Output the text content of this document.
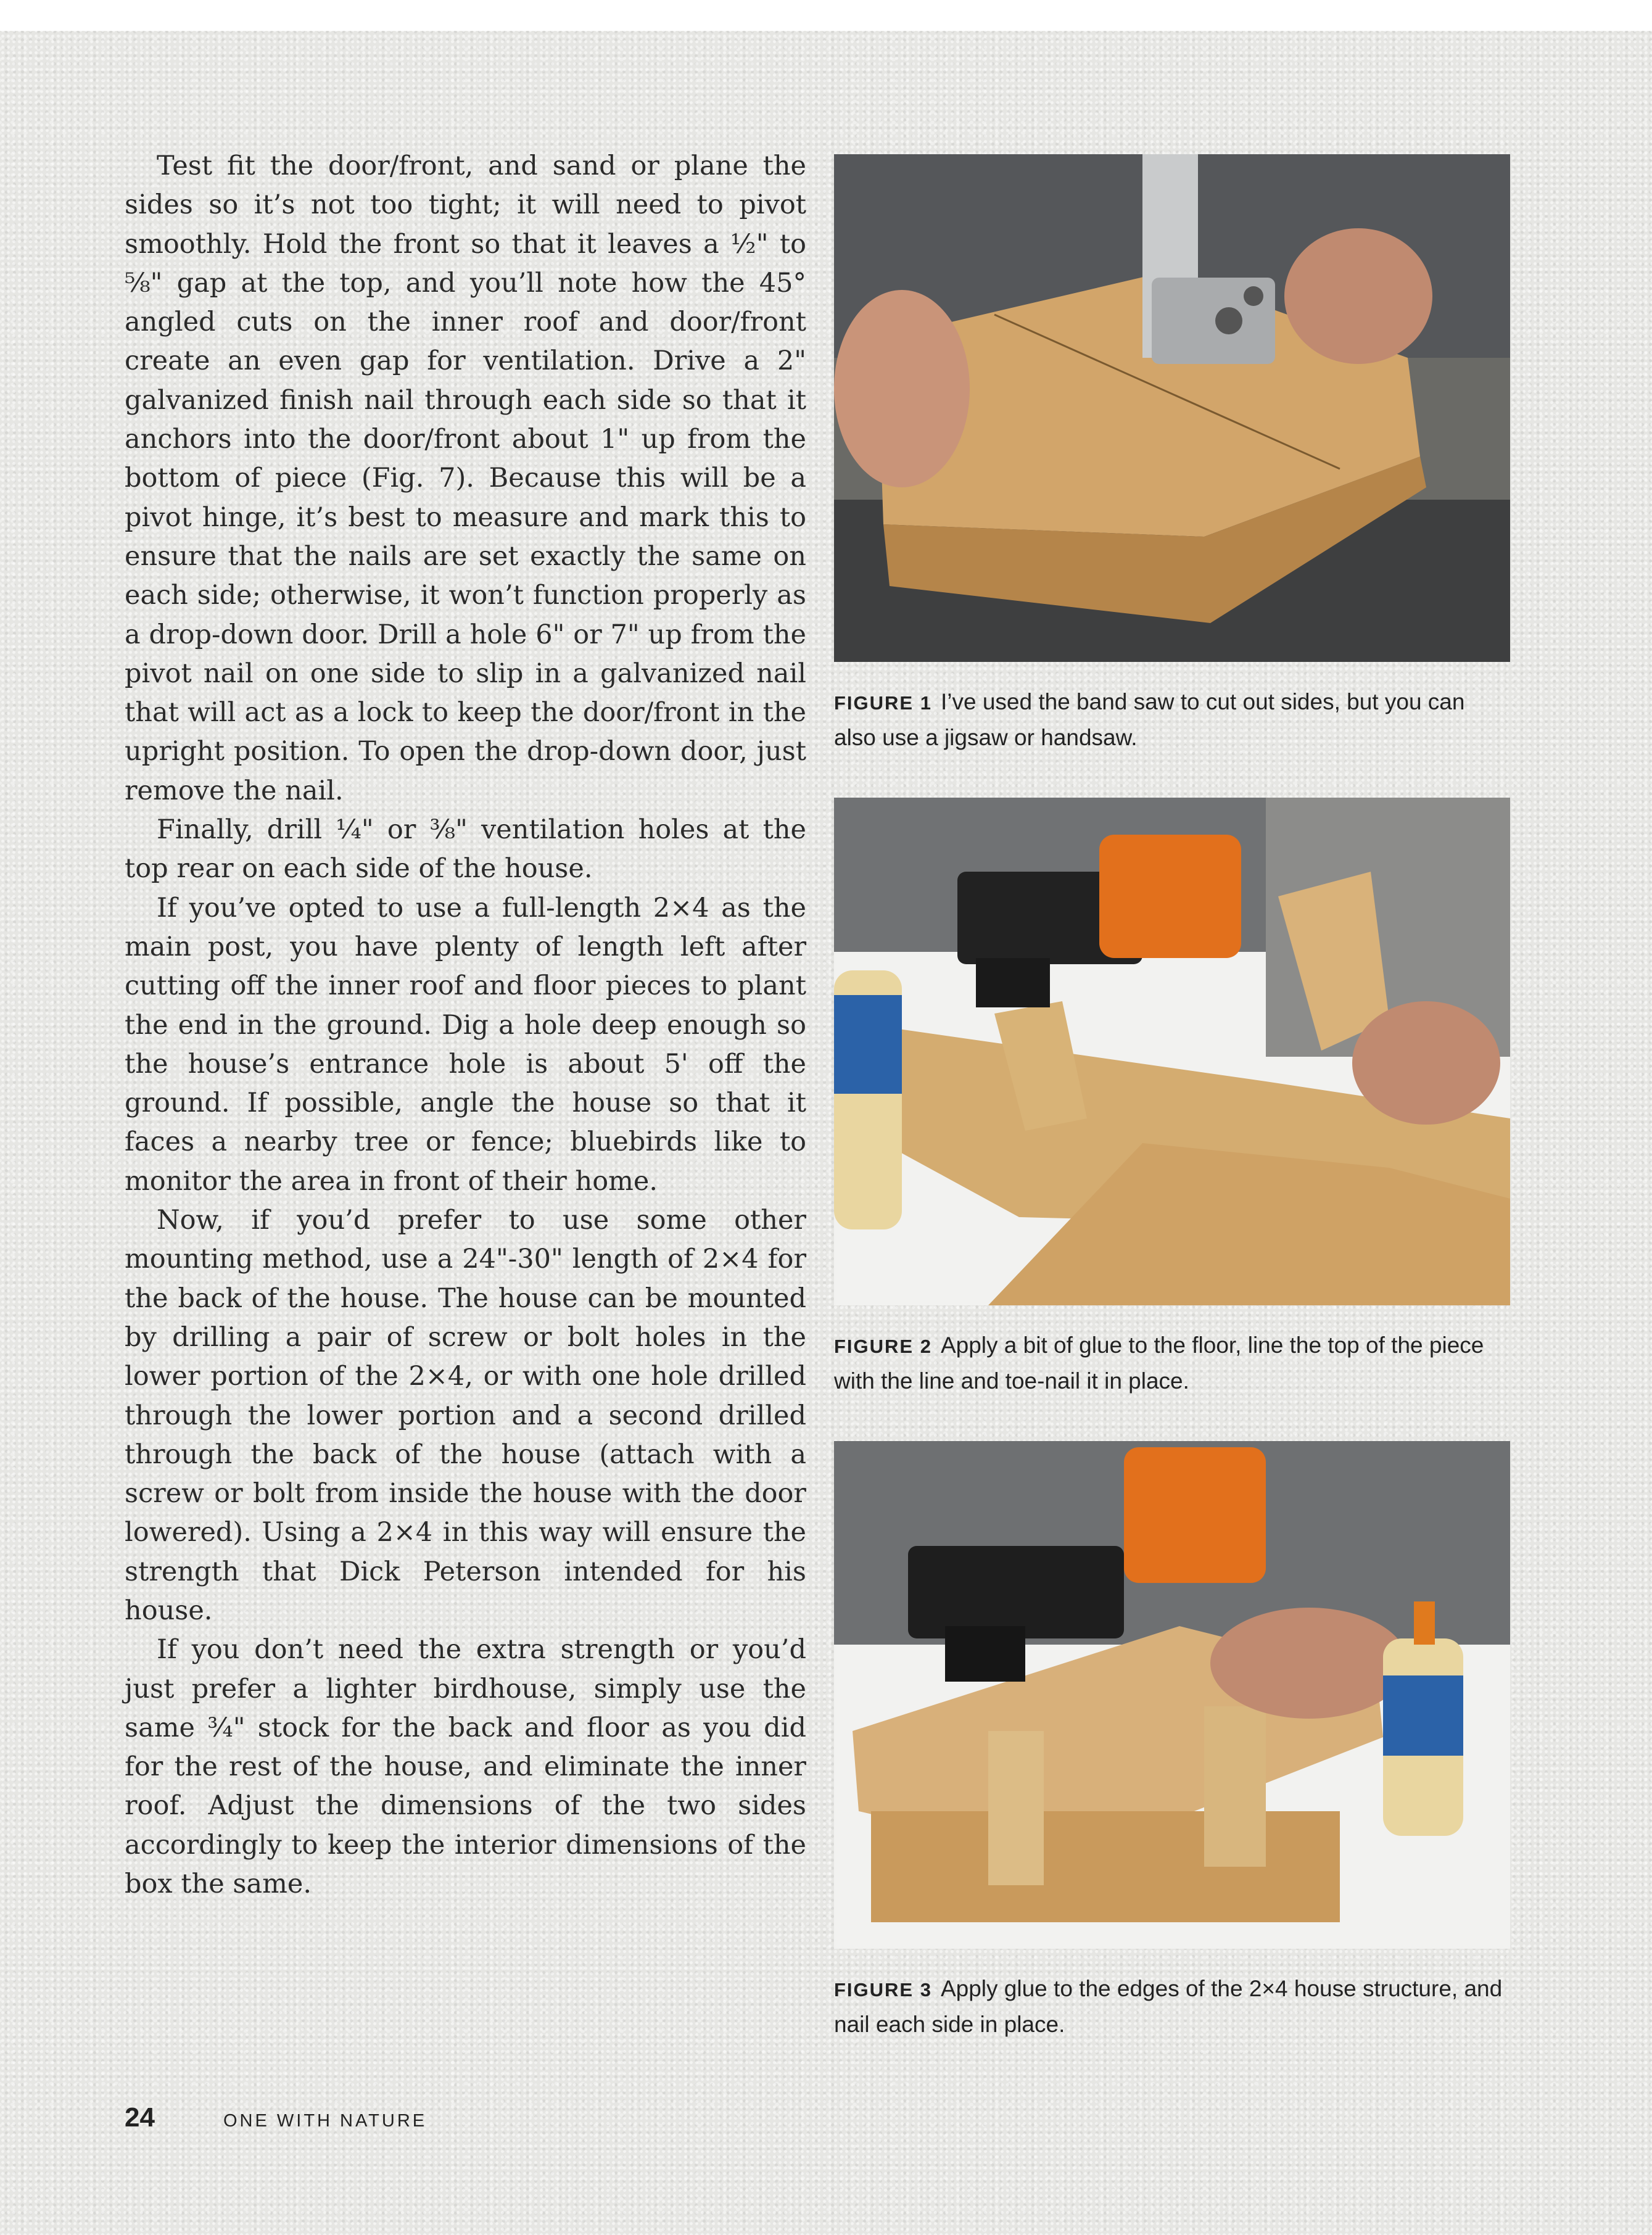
Test fit the door/front, and sand or plane the sides so it’s not too tight; it will need to pivot smoothly. Hold the front so that it leaves a ½" to ⅝" gap at the top, and you’ll note how the 45° angled cuts on the inner roof and door/front create an even gap for ventilation. Drive a 2" galvanized finish nail through each side so that it anchors into the door/front about 1" up from the bottom of piece (Fig. 7). Because this will be a pivot hinge, it’s best to measure and mark this to ensure that the nails are set exactly the same on each side; otherwise, it won’t function properly as a drop-down door. Drill a hole 6" or 7" up from the pivot nail on one side to slip in a galvanized nail that will act as a lock to keep the door/front in the upright position. To open the drop-down door, just remove the nail.

Finally, drill ¼" or ⅜" ventilation holes at the top rear on each side of the house.

If you’ve opted to use a full-length 2×4 as the main post, you have plenty of length left after cutting off the inner roof and floor pieces to plant the end in the ground. Dig a hole deep enough so the house’s entrance hole is about 5' off the ground. If possible, angle the house so that it faces a nearby tree or fence; bluebirds like to monitor the area in front of their home.

Now, if you’d prefer to use some other mounting method, use a 24"-30" length of 2×4 for the back of the house. The house can be mounted by drilling a pair of screw or bolt holes in the lower portion of the 2×4, or with one hole drilled through the lower portion and a second drilled through the back of the house (attach with a screw or bolt from inside the house with the door lowered). Using a 2×4 in this way will ensure the strength that Dick Peterson intended for his house.

If you don’t need the extra strength or you’d just prefer a lighter birdhouse, simply use the same ¾" stock for the back and floor as you did for the rest of the house, and eliminate the inner roof. Adjust the dimensions of the two sides accordingly to keep the interior dimensions of the box the same.

FIGURE 1 I’ve used the band saw to cut out sides, but you can also use a jigsaw or handsaw.
FIGURE 2 Apply a bit of glue to the floor, line the top of the piece with the line and toe-nail it in place.
FIGURE 3 Apply glue to the edges of the 2×4 house structure, and nail each side in place.
24	ONE WITH NATURE
